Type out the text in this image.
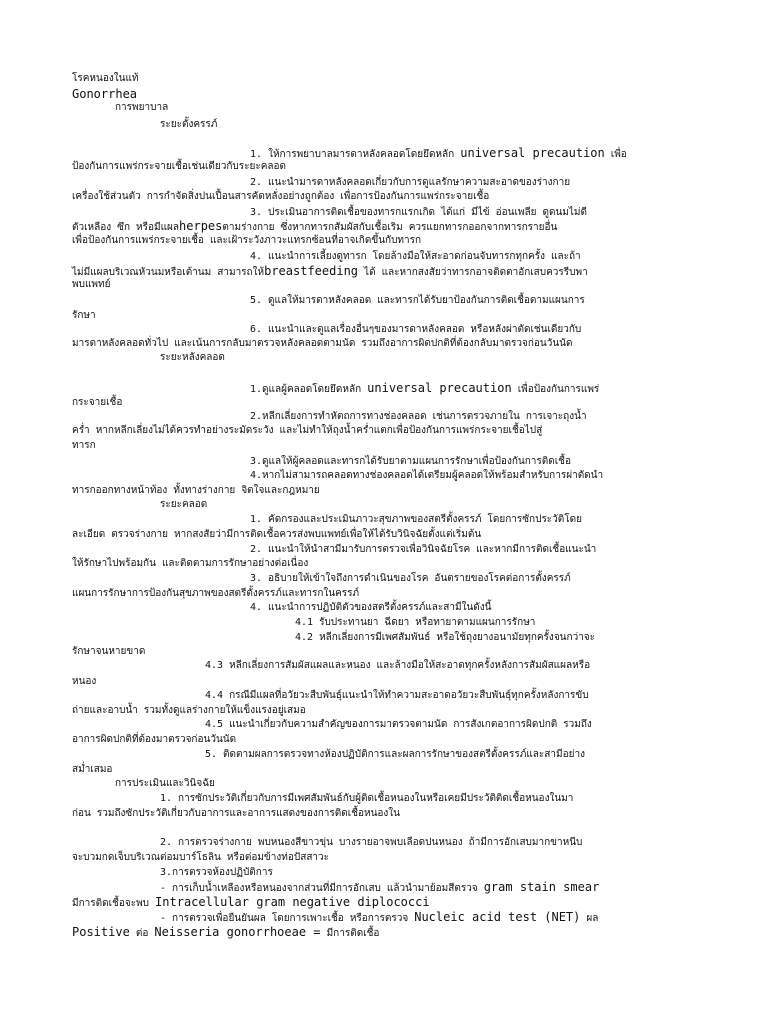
โรคหนองในแท้
Gonorrhea
การพยาบาล
ระยะตั้งครรภ์
1. ให้การพยาบาลมารดาหลังคลอดโดยยึดหลัก universal precaution เพื่อ
ป้องกันการแพร่กระจายเชื้อเช่นเดียวกับระยะคลอด
2. แนะนำมารดาหลังคลอดเกี่ยวกับการดูแลรักษาความสะอาดของร่างกาย
เครื่องใช้ส่วนตัว การกำจัดสิ่งปนเปื้อนสารคัดหลั่งอย่างถูกต้อง เพื่อการป้องกันการแพร่กระจายเชื้อ
3. ประเมินอาการติดเชื้อของทารกแรกเกิด ได้แก่ มีไข้ อ่อนเพลีย ดูดนมไม่ดี
ตัวเหลือง ซึก หรือมีแผลherpesตามร่างกาย ซึ่งหากทารกสัมผัสกับเชื้อเริม ควรแยกทารกออกจากทารกรายอื่น
เพื่อป้องกันการแพร่กระจายเชื้อ และเฝ้าระวังภาวะแทรกซ้อนที่อาจเกิดขึ้นกับทารก
4. แนะนำการเลี้ยงดูทารก โดยล้างมือให้สะอาดก่อนจับทารกทุกครั้ง และถ้า
ไม่มีแผลบริเวณหัวนมหรือเต้านม สามารถให้breastfeeding ได้ และหากสงสัยว่าทารกอาจติดตาอักเสบควรรีบพา
พบแพทย์
5. ดูแลให้มารดาหลังคลอด และทารกได้รับยาป้องกันการติดเชื้อตามแผนการ
รักษา
6. แนะนำและดูแลเรื่องอื่นๆของมารดาหลังคลอด หรือหลังผ่าตัดเช่นเดียวกับ
มารดาหลังคลอดทั่วไป และเน้นการกลับมาตรวจหลังคลอดตามนัด รวมถึงอาการผิดปกติที่ต้องกลับมาตรวจก่อนวันนัด
ระยะหลังคลอด
1.ดูแลผู้คลอดโดยยึดหลัก universal precaution เพื่อป้องกันการแพร่
กระจายเชื้อ
2.หลีกเลี่ยงการทำหัตถการทางช่องคลอด เช่นการตรวจภายใน การเจาะถุงน้ำ
คร่ำ หากหลีกเลี่ยงไม่ได้ควรทำอย่างระมัดระวัง และไม่ทำให้ถุงน้ำคร่ำแตกเพื่อป้องกันการแพร่กระจายเชื้อไปสู่
ทารก
3.ดูแลให้ผู้คลอดและทารกได้รับยาตามแผนการรักษาเพื่อป้องกันการติดเชื้อ
4.หากไม่สามารถคลอดทางช่องคลอดได้เตรียมผู้คลอดให้พร้อมสำหรับการผ่าตัดนำ
ทารกออกทางหน้าท้อง ทั้งทางร่างกาย จิตใจและกฎหมาย
ระยะคลอด
1. คัดกรองและประเมินภาวะสุขภาพของสตรีตั้งครรภ์ โดยการซักประวัติโดย
ละเอียด ตรวจร่างกาย หากสงสัยว่ามีการติดเชื้อควรส่งพบแพทย์เพื่อให้ได้รับวินิจฉัยตั้งแต่เริ่มต้น
2. แนะนำให้นำสามีมารับการตรวจเพื่อวินิจฉัยโรค และหากมีการติดเชื้อแนะนำ
ให้รักษาไปพร้อมกัน และติดตามการรักษาอย่างต่อเนื่อง
3. อธิบายให้เข้าใจถึงการดำเนินของโรค อันตรายของโรคต่อการตั้งครรภ์
แผนการรักษาการป้องกันสุขภาพของสตรีตั้งครรภ์และทารกในครรภ์
4. แนะนำการปฏิบัติตัวของสตรีตั้งครรภ์และสามีในดังนี้
4.1 รับประทานยา ฉีดยา หรือทายาตามแผนการรักษา
4.2 หลีกเลี่ยงการมีเพศสัมพันธ์ หรือใช้ถุงยางอนามัยทุกครั้งจนกว่าจะ
รักษาจนหายขาด
4.3 หลีกเลี่ยงการสัมผัสแผลและหนอง และล้างมือให้สะอาดทุกครั้งหลังการสัมผัสแผลหรือ
หนอง
4.4 กรณีมีแผลที่อวัยวะสืบพันธุ์แนะนำให้ทำความสะอาดอวัยวะสืบพันธุ์ทุกครั้งหลังการขับ
ถ่ายและอาบน้ำ รวมทั้งดูแลร่างกายให้แข็งแรงอยู่เสมอ
4.5 แนะนำเกี่ยวกับความสำคัญของการมาตรวจตามนัด การสังเกตอาการผิดปกติ รวมถึง
อาการผิดปกติที่ต้องมาตรวจก่อนวันนัด
5. ติดตามผลการตรวจทางห้องปฏิบัติการและผลการรักษาของสตรีตั้งครรภ์และสามีอย่าง
สม่ำเสมอ
การประเมินและวินิจฉัย
1. การซักประวัติเกี่ยวกับการมีเพศสัมพันธ์กับผู้ติดเชื้อหนองในหรือเคยมีประวัติติดเชื้อหนองในมา
ก่อน รวมถึงซักประวัติเกี่ยวกับอาการและอาการแสดงของการติดเชื้อหนองใน
2. การตรวจร่างกาย พบหนองสีขาวขุ่น บางรายอาจพบเลือดปนหนอง ถ้ามีการอักเสบมากขาหนีบ
จะบวมกดเจ็บบริเวณต่อมบาร์โธลิน หรือต่อมข้างท่อปัสสาวะ
3.การตรวจห้องปฏิบัติการ
- การเก็บน้ำเหลืองหรือหนองจากส่วนที่มีการอักเสบ แล้วนำมาย้อมสีตรวจ gram stain smear
มีการติดเชื้อจะพบ Intracellular gram negative diplococci
- การตรวจเพื่อยืนยันผล โดยการเพาะเชื้อ หรือการตรวจ Nucleic acid test (NET) ผล
Positive ต่อ Neisseria gonorrhoeae = มีการติดเชื้อ
